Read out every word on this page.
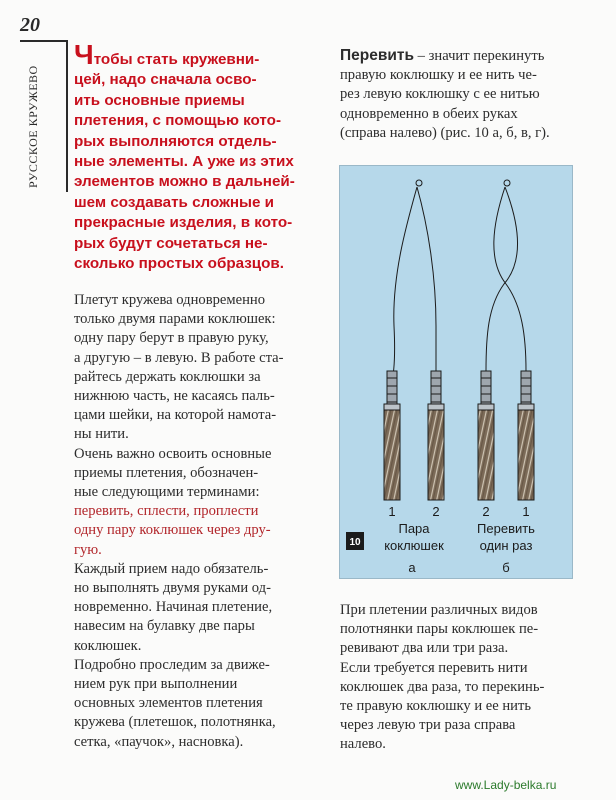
20
РУССКОЕ КРУЖЕВО
Чтобы стать кружевни-
цей, надо сначала осво-
ить основные приемы
плетения, с помощью кото-
рых выполняются отдель-
ные элементы. А уже из этих
элементов можно в дальней-
шем создавать сложные и
прекрасные изделия, в кото-
рых будут сочетаться не-
сколько простых образцов.
Плетут кружева одновременно
только двумя парами коклюшек:
одну пару берут в правую руку,
а другую – в левую. В работе ста-
райтесь держать коклюшки за
нижнюю часть, не касаясь паль-
цами шейки, на которой намота-
ны нити.
Очень важно освоить основные
приемы плетения, обозначен-
ные следующими терминами:
перевить, сплести, проплести
одну пару коклюшек через дру-
гую.
Каждый прием надо обязатель-
но выполнять двумя руками од-
новременно. Начиная плетение,
навесим на булавку две пары
коклюшек.
Подробно проследим за движе-
нием рук при выполнении
основных элементов плетения
кружева (плетешок, полотнянка,
сетка, «паучок», насновка).
Перевить – значит перекинуть
правую коклюшку и ее нить че-
рез левую коклюшку с ее нитью
одновременно в обеих руках
(справа налево) (рис. 10 а, б, в, г).
1	2	2	1
Пара
коклюшек
Перевить
один раз
10
а	б
При плетении различных видов
полотнянки пары коклюшек пе-
ревивают два или три раза.
Если требуется перевить нити
коклюшек два раза, то перекинь-
те правую коклюшку и ее нить
через левую три раза справа
налево.
www.Lady-belka.ru
